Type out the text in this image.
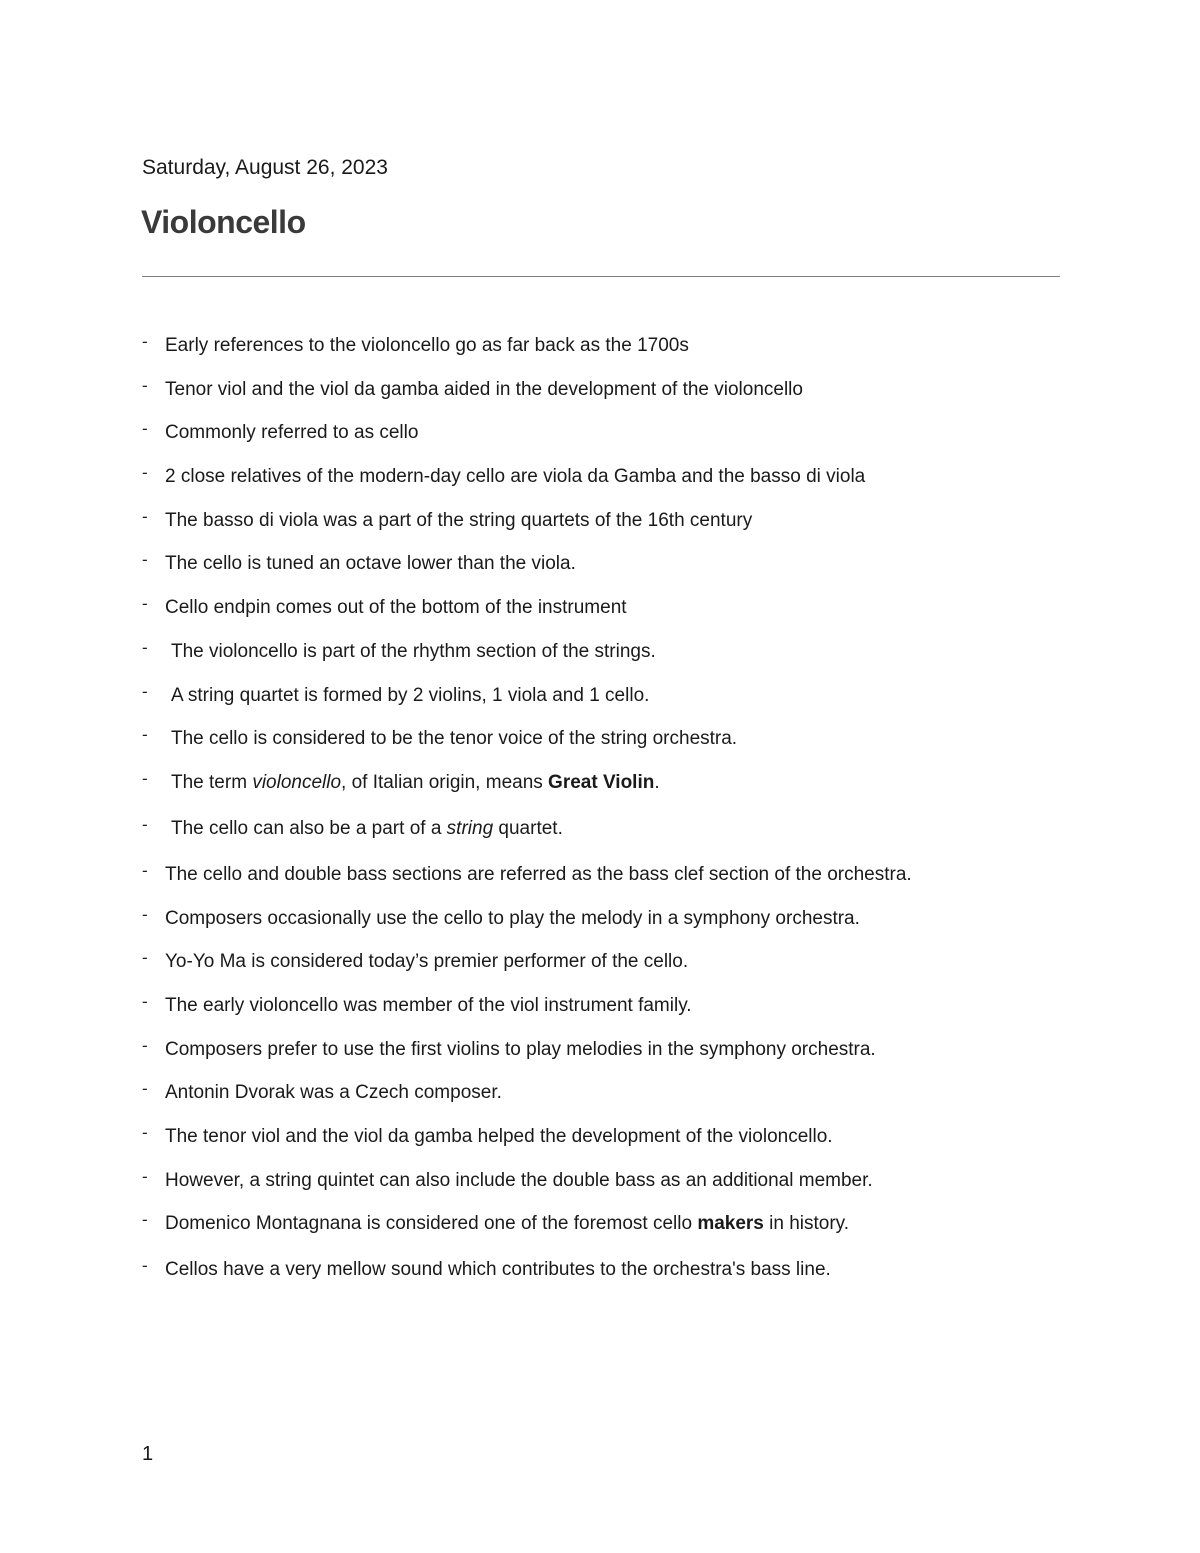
Saturday, August 26, 2023
Violoncello
- Early references to the violoncello go as far back as the 1700s
- Tenor viol and the viol da gamba aided in the development of the violoncello
- Commonly referred to as cello
- 2 close relatives of the modern-day cello are viola da Gamba and the basso di viola
- The basso di viola was a part of the string quartets of the 16th century
- The cello is tuned an octave lower than the viola.
- Cello endpin comes out of the bottom of the instrument
- The violoncello is part of the rhythm section of the strings.
- A string quartet is formed by 2 violins, 1 viola and 1 cello.
- The cello is considered to be the tenor voice of the string orchestra.
- The term violoncello, of Italian origin, means Great Violin.
- The cello can also be a part of a string quartet.
- The cello and double bass sections are referred as the bass clef section of the orchestra.
- Composers occasionally use the cello to play the melody in a symphony orchestra.
- Yo-Yo Ma is considered today’s premier performer of the cello.
- The early violoncello was member of the viol instrument family.
- Composers prefer to use the first violins to play melodies in the symphony orchestra.
- Antonin Dvorak was a Czech composer.
- The tenor viol and the viol da gamba helped the development of the violoncello.
- However, a string quintet can also include the double bass as an additional member.
- Domenico Montagnana is considered one of the foremost cello makers in history.
- Cellos have a very mellow sound which contributes to the orchestra's bass line.
1
